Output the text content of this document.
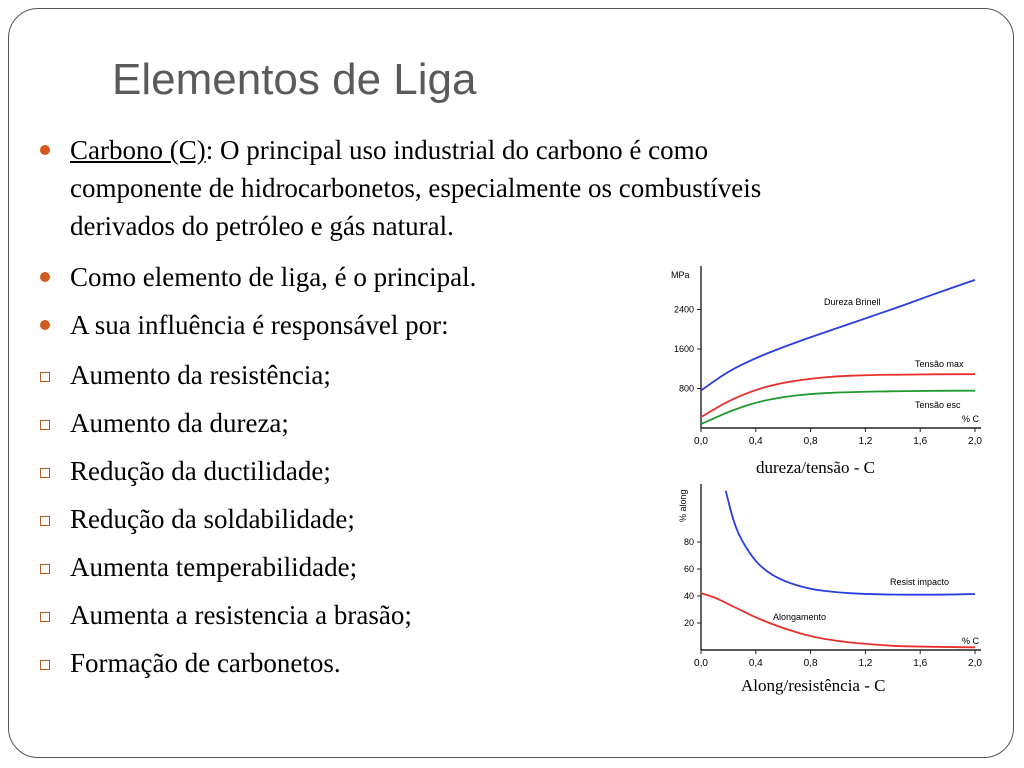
Elementos de Liga
Carbono (C): O principal uso industrial do carbono é como
componente de hidrocarbonetos, especialmente os combustíveis
derivados do petróleo e gás natural.
Como elemento de liga, é o principal.
A sua influência é responsável por:
Aumento da resistência;
Aumento da dureza;
Redução da ductilidade;
Redução da soldabilidade;
Aumenta temperabilidade;
Aumenta a resistencia a brasão;
Formação de carbonetos.
0,0	0,4	0,8	1,2	1,6	2,0
800
1600
2400
MPa
% C
Dureza Brinell
Tensão max
Tensão esc
dureza/tensão - C
0,0	0,4	0,8	1,2	1,6	2,0
20
40
60
80
% along
% C
Resist impacto
Alongamento
Along/resistência - C
